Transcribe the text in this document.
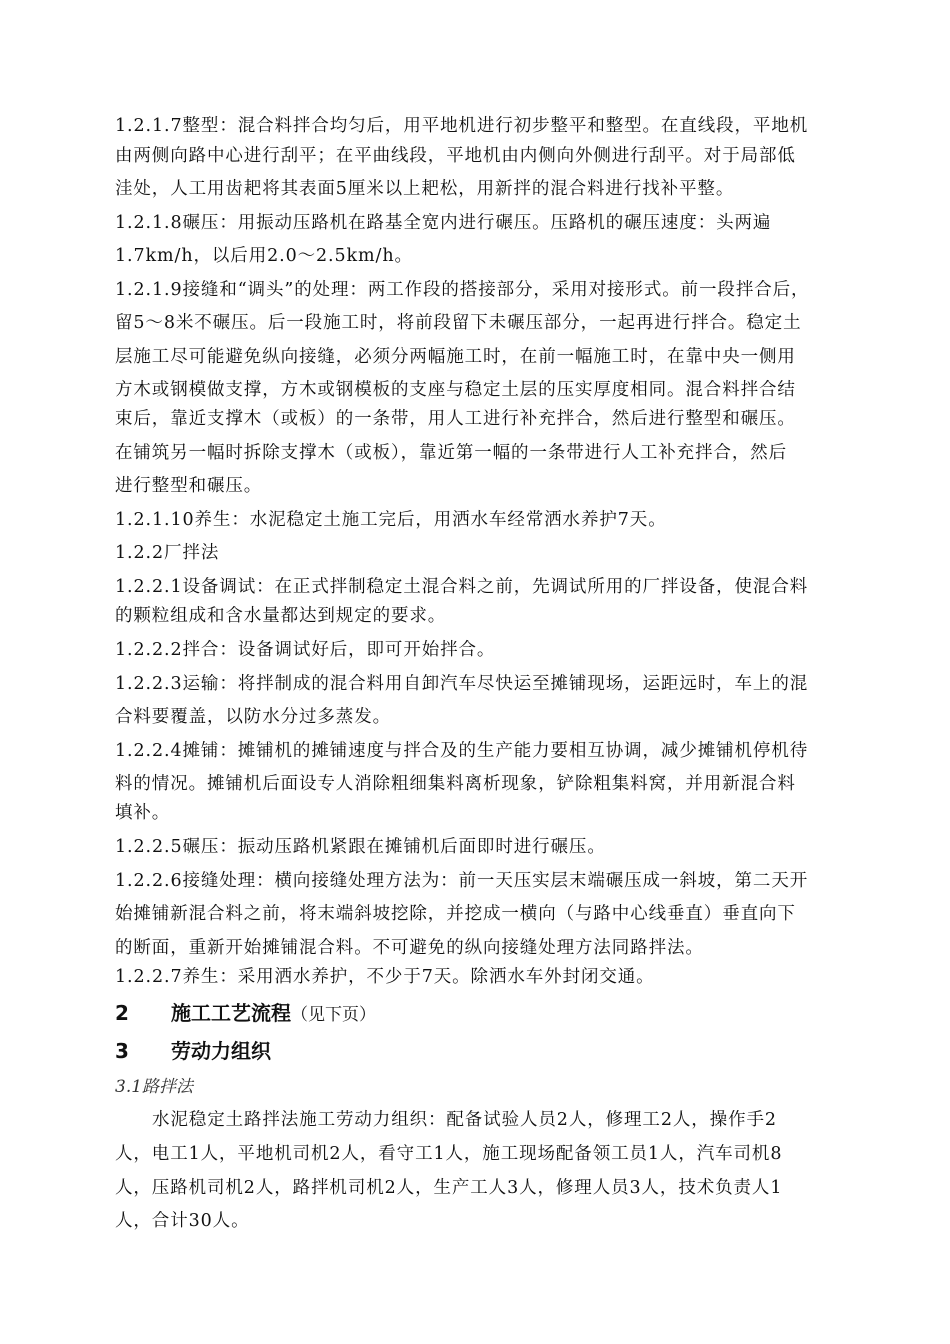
1.2.1.7整型：混合料拌合均匀后，用平地机进行初步整平和整型。在直线段，平地机
由两侧向路中心进行刮平；在平曲线段，平地机由内侧向外侧进行刮平。对于局部低
洼处，人工用齿耙将其表面5厘米以上耙松，用新拌的混合料进行找补平整。
1.2.1.8碾压：用振动压路机在路基全宽内进行碾压。压路机的碾压速度：头两遍
1.7km/h，以后用2.0～2.5km/h。
1.2.1.9接缝和“调头”的处理：两工作段的搭接部分，采用对接形式。前一段拌合后，
留5～8米不碾压。后一段施工时，将前段留下未碾压部分，一起再进行拌合。稳定土
层施工尽可能避免纵向接缝，必须分两幅施工时，在前一幅施工时，在靠中央一侧用
方木或钢模做支撑，方木或钢模板的支座与稳定土层的压实厚度相同。混合料拌合结
束后，靠近支撑木（或板）的一条带，用人工进行补充拌合，然后进行整型和碾压。
在铺筑另一幅时拆除支撑木（或板），靠近第一幅的一条带进行人工补充拌合，然后
进行整型和碾压。
1.2.1.10养生：水泥稳定土施工完后，用洒水车经常洒水养护7天。
1.2.2厂拌法
1.2.2.1设备调试：在正式拌制稳定土混合料之前，先调试所用的厂拌设备，使混合料
的颗粒组成和含水量都达到规定的要求。
1.2.2.2拌合：设备调试好后，即可开始拌合。
1.2.2.3运输：将拌制成的混合料用自卸汽车尽快运至摊铺现场，运距远时，车上的混
合料要覆盖，以防水分过多蒸发。
1.2.2.4摊铺：摊铺机的摊铺速度与拌合及的生产能力要相互协调，减少摊铺机停机待
料的情况。摊铺机后面设专人消除粗细集料离析现象，铲除粗集料窝，并用新混合料
填补。
1.2.2.5碾压：振动压路机紧跟在摊铺机后面即时进行碾压。
1.2.2.6接缝处理：横向接缝处理方法为：前一天压实层末端碾压成一斜坡，第二天开
始摊铺新混合料之前，将末端斜坡挖除，并挖成一横向（与路中心线垂直）垂直向下
的断面，重新开始摊铺混合料。不可避免的纵向接缝处理方法同路拌法。
1.2.2.7养生：采用洒水养护，不少于7天。除洒水车外封闭交通。
2 施工工艺流程（见下页）
3 劳动力组织
3.1路拌法
水泥稳定土路拌法施工劳动力组织：配备试验人员2人，修理工2人，操作手2
人，电工1人，平地机司机2人，看守工1人，施工现场配备领工员1人，汽车司机8
人，压路机司机2人，路拌机司机2人，生产工人3人，修理人员3人，技术负责人1
人，合计30人。
